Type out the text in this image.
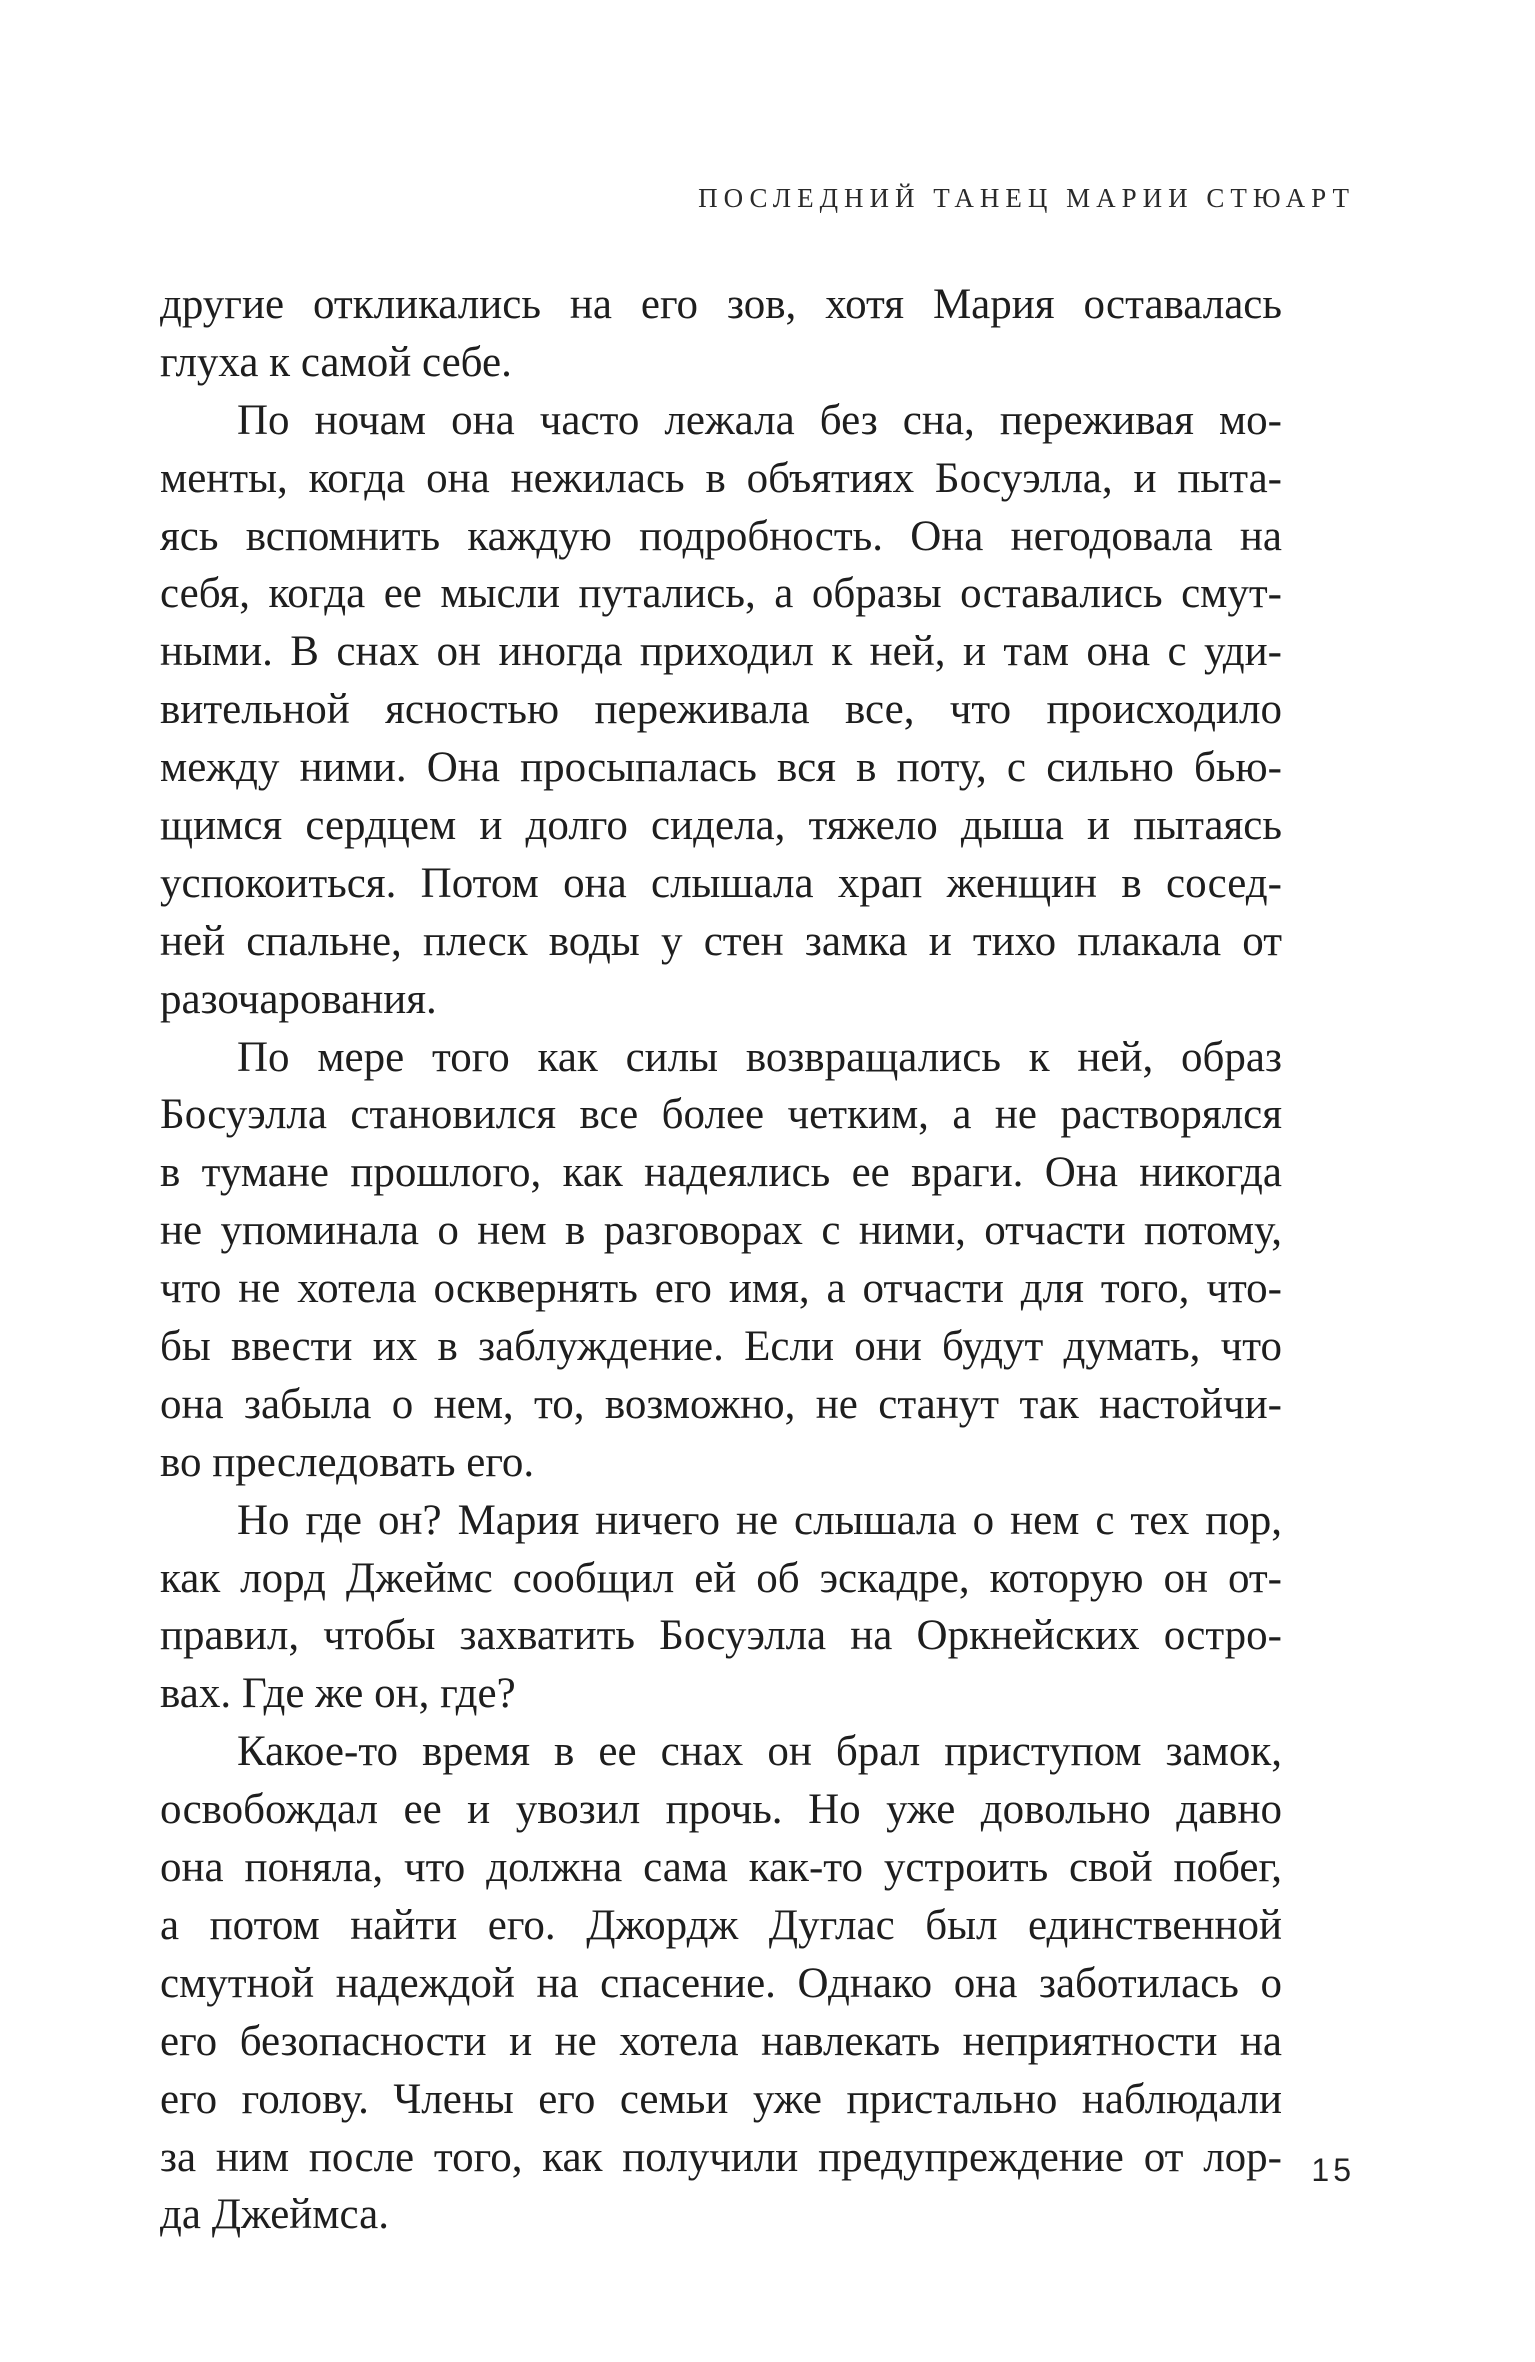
ПОСЛЕДНИЙ ТАНЕЦ МАРИИ СТЮАРТ
другие откликались на его зов, хотя Мария оставалась
глуха к самой себе.
По ночам она часто лежала без сна, переживая мо-
менты, когда она нежилась в объятиях Босуэлла, и пыта-
ясь вспомнить каждую подробность. Она негодовала на
себя, когда ее мысли путались, а образы оставались смут-
ными. В снах он иногда приходил к ней, и там она с уди-
вительной ясностью переживала все, что происходило
между ними. Она просыпалась вся в поту, с сильно бью-
щимся сердцем и долго сидела, тяжело дыша и пытаясь
успокоиться. Потом она слышала храп женщин в сосед-
ней спальне, плеск воды у стен замка и тихо плакала от
разочарования.
По мере того как силы возвращались к ней, образ
Босуэлла становился все более четким, а не растворялся
в тумане прошлого, как надеялись ее враги. Она никогда
не упоминала о нем в разговорах с ними, отчасти потому,
что не хотела осквернять его имя, а отчасти для того, что-
бы ввести их в заблуждение. Если они будут думать, что
она забыла о нем, то, возможно, не станут так настойчи-
во преследовать его.
Но где он? Мария ничего не слышала о нем с тех пор,
как лорд Джеймс сообщил ей об эскадре, которую он от-
правил, чтобы захватить Босуэлла на Оркнейских остро-
вах. Где же он, где?
Какое-то время в ее снах он брал приступом замок,
освобождал ее и увозил прочь. Но уже довольно давно
она поняла, что должна сама как-то устроить свой побег,
а потом найти его. Джордж Дуглас был единственной
смутной надеждой на спасение. Однако она заботилась о
его безопасности и не хотела навлекать неприятности на
его голову. Члены его семьи уже пристально наблюдали
за ним после того, как получили предупреждение от лор-
да Джеймса.
15
